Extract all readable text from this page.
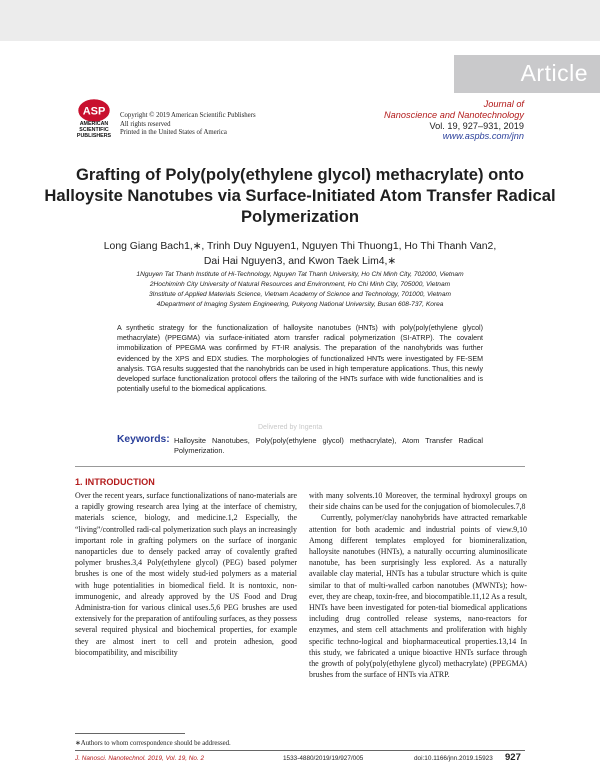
Article
ASP
AMERICAN
SCIENTIFIC
PUBLISHERS
Copyright © 2019 American Scientific Publishers
All rights reserved
Printed in the United States of America
Journal of
Nanoscience and Nanotechnology
Vol. 19, 927–931, 2019
www.aspbs.com/jnn
Grafting of Poly(poly(ethylene glycol) methacrylate) onto Halloysite Nanotubes via Surface-Initiated Atom Transfer Radical Polymerization
Long Giang Bach1,∗, Trinh Duy Nguyen1, Nguyen Thi Thuong1, Ho Thi Thanh Van2,
Dai Hai Nguyen3, and Kwon Taek Lim4,∗
1Nguyen Tat Thanh Institute of Hi-Technology, Nguyen Tat Thanh University, Ho Chi Minh City, 702000, Vietnam
2Hochiminh City University of Natural Resources and Environment, Ho Chi Minh City, 705000, Vietnam
3Institute of Applied Materials Science, Vietnam Academy of Science and Technology, 701000, Vietnam
4Department of Imaging System Engineering, Pukyong National University, Busan 608-737, Korea
A synthetic strategy for the functionalization of halloysite nanotubes (HNTs) with poly(poly(ethylene glycol) methacrylate) (PPEGMA) via surface-initiated atom transfer radical polymerization (SI-ATRP). The covalent immobilization of PPEGMA was confirmed by FT-IR analysis. The preparation of the nanohybrids was further evidenced by the XPS and EDX studies. The morphologies of functionalized HNTs were investigated by FE-SEM analysis. TGA results suggested that the nanohybrids can be used in high temperature applications. Thus, this newly developed surface functionalization protocol offers the tailoring of the HNTs surface with wide functionalities and is potentially useful to the biomedical applications.
Delivered by Ingenta
Keywords: Halloysite Nanotubes, Poly(poly(ethylene glycol) methacrylate), Atom Transfer Radical Polymerization.
1. INTRODUCTION

Over the recent years, surface functionalizations of nano-materials are a rapidly growing research area lying at the interface of chemistry, materials science, biology, and medicine.1,2 Especially, the “living”/controlled radi-cal polymerization such plays an increasingly important role in grafting polymers on the surface of inorganic nanoparticles due to densely packed array of covalently grafted polymer brushes.3,4 Poly(ethylene glycol) (PEG) based polymer brushes is one of the most widely stud-ied polymers as a material with huge potentialities in biomedical field. It is nontoxic, non-immunogenic, and already approved by the US Food and Drug Administra-tion for various clinical uses.5,6 PEG brushes are used extensively for the preparation of antifouling surfaces, as they possess several required physical and biochemical properties, for example they are almost inert to cell and protein adhesion, good biocompatibility, and miscibility

with many solvents.10 Moreover, the terminal hydroxyl groups on their side chains can be used for the conjugation of biomolecules.7,8

Currently, polymer/clay nanohybrids have attracted remarkable attention for both academic and industrial points of view.9,10 Among different templates employed for biomineralization, halloysite nanotubes (HNTs), a naturally occurring aluminosilicate nanotube, has been surprisingly less explored. As a naturally available clay material, HNTs has a tubular structure which is quite similar to that of multi-walled carbon nanotubes (MWNTs); how-ever, they are cheap, toxin-free, and biocompatible.11,12 As a result, HNTs have been investigated for poten-tial biomedical applications including drug controlled release systems, nano-reactors for enzymes, and stem cell attachments and proliferation with highly specific techno-logical and biopharmaceutical properties.13,14 In this study, we fabricated a unique bioactive HNTs surface through the growth of poly(poly(ethylene glycol) methacrylate) (PPEGMA) brushes from the surface of HNTs via ATRP.

∗Authors to whom correspondence should be addressed.
J. Nanosci. Nanotechnol. 2019, Vol. 19, No. 2	1533-4880/2019/19/927/005	doi:10.1166/jnn.2019.15923 927
